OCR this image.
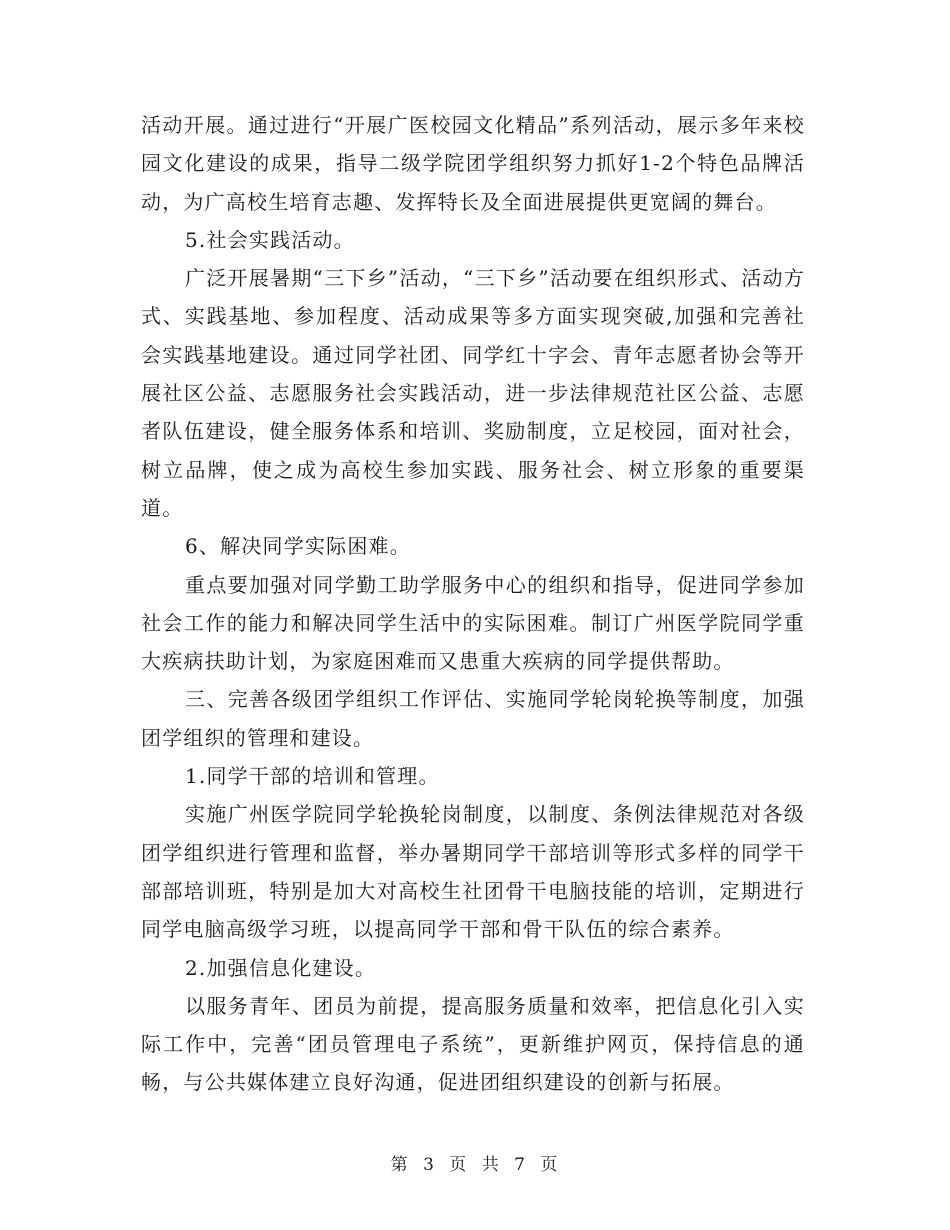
活动开展。通过进行“开展广医校园文化精品”系列活动，展示多年来校园文化建设的成果，指导二级学院团学组织努力抓好1-2个特色品牌活动，为广高校生培育志趣、发挥特长及全面进展提供更宽阔的舞台。

5.社会实践活动。

广泛开展暑期“三下乡”活动，“三下乡”活动要在组织形式、活动方式、实践基地、参加程度、活动成果等多方面实现突破,加强和完善社会实践基地建设。通过同学社团、同学红十字会、青年志愿者协会等开展社区公益、志愿服务社会实践活动，进一步法律规范社区公益、志愿者队伍建设，健全服务体系和培训、奖励制度，立足校园，面对社会，树立品牌，使之成为高校生参加实践、服务社会、树立形象的重要渠道。

6、解决同学实际困难。

重点要加强对同学勤工助学服务中心的组织和指导，促进同学参加社会工作的能力和解决同学生活中的实际困难。制订广州医学院同学重大疾病扶助计划，为家庭困难而又患重大疾病的同学提供帮助。

三、完善各级团学组织工作评估、实施同学轮岗轮换等制度，加强团学组织的管理和建设。

1.同学干部的培训和管理。

实施广州医学院同学轮换轮岗制度，以制度、条例法律规范对各级团学组织进行管理和监督，举办暑期同学干部培训等形式多样的同学干部部培训班，特别是加大对高校生社团骨干电脑技能的培训，定期进行同学电脑高级学习班，以提高同学干部和骨干队伍的综合素养。

2.加强信息化建设。

以服务青年、团员为前提，提高服务质量和效率，把信息化引入实际工作中，完善“团员管理电子系统”，更新维护网页，保持信息的通畅，与公共媒体建立良好沟通，促进团组织建设的创新与拓展。

第 3 页 共 7 页
